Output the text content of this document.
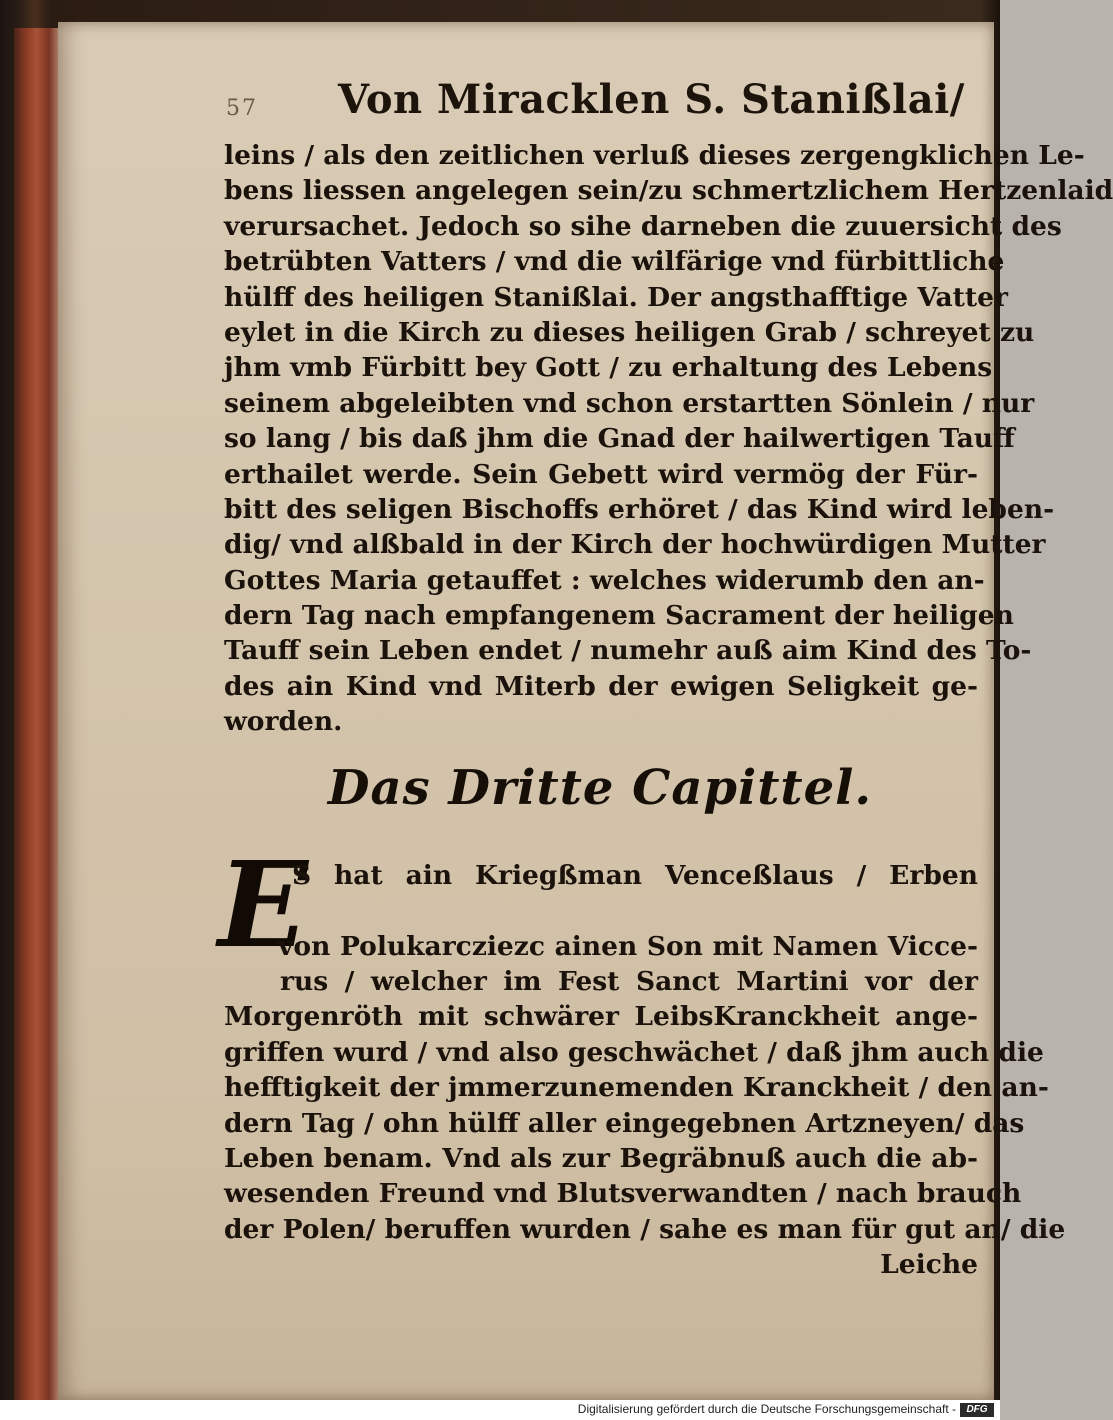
57 Von Miracklen S. Stanißlai/
leins / als den zeitlichen verluß dieses zergengklichen Le-
bens liessen angelegen sein/zu schmertzlichem Hertzenlaid
verursachet. Jedoch so sihe darneben die zuuersicht des
betrübten Vatters / vnd die wilfärige vnd fürbittliche
hülff des heiligen Stanißlai. Der angsthafftige Vatter
eylet in die Kirch zu dieses heiligen Grab / schreyet zu
jhm vmb Fürbitt bey Gott / zu erhaltung des Lebens
seinem abgeleibten vnd schon erstartten Sönlein / nur
so lang / bis daß jhm die Gnad der hailwertigen Tauff
erthailet werde. Sein Gebett wird vermög der Für-
bitt des seligen Bischoffs erhöret / das Kind wird leben-
dig/ vnd alßbald in der Kirch der hochwürdigen Mutter
Gottes Maria getauffet : welches widerumb den an-
dern Tag nach empfangenem Sacrament der heiligen
Tauff sein Leben endet / numehr auß aim Kind des To-
des ain Kind vnd Miterb der ewigen Seligkeit ge-
worden.
Das Dritte Capittel.
E
S hat ain Kriegßman Venceßlaus / Erben
von Polukarcziezc ainen Son mit Namen Vicce-
rus / welcher im Fest Sanct Martini vor der
Morgenröth mit schwärer LeibsKranckheit ange-
griffen wurd / vnd also geschwächet / daß jhm auch die
hefftigkeit der jmmerzunemenden Kranckheit / den an-
dern Tag / ohn hülff aller eingegebnen Artzneyen/ das
Leben benam. Vnd als zur Begräbnuß auch die ab-
wesenden Freund vnd Blutsverwandten / nach brauch
der Polen/ beruffen wurden / sahe es man für gut an/ die
Leiche
Digitalisierung gefördert durch die Deutsche Forschungsgemeinschaft -	DFG
